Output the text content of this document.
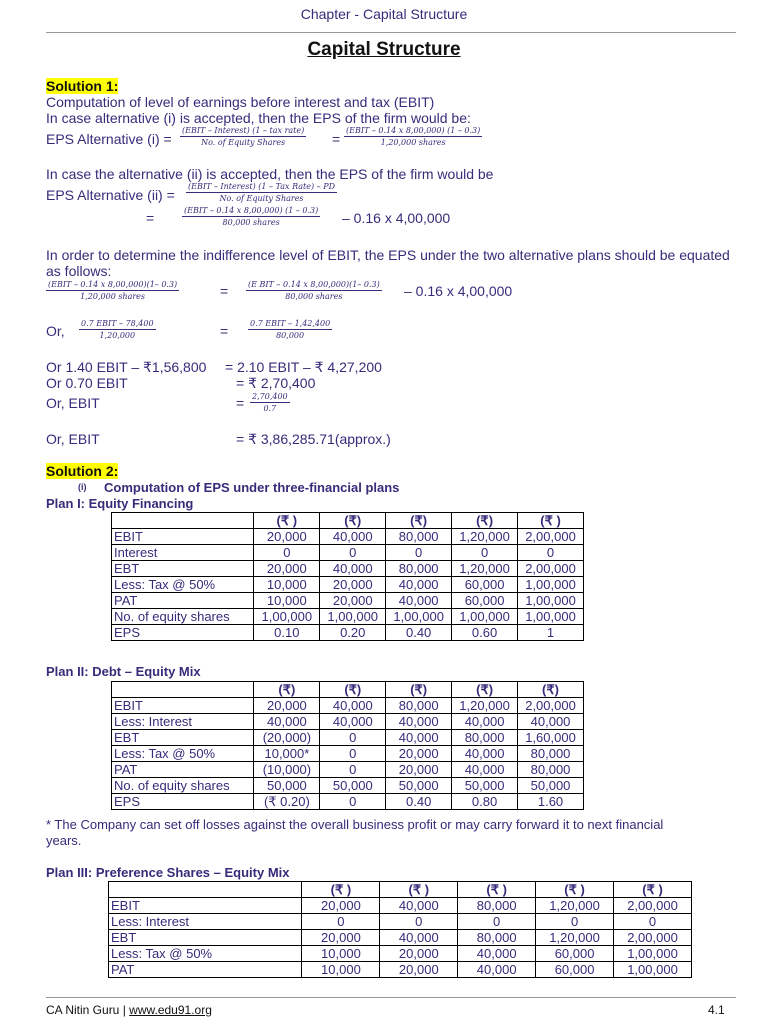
Chapter - Capital Structure
Capital Structure
Solution 1:
Computation of level of earnings before interest and tax (EBIT)
In case alternative (i) is accepted, then the EPS of the firm would be:
EPS Alternative (i) =
(EBIT – Interest) (1 – tax rate)
No. of Equity Shares	=
(EBIT – 0.14 x 8,00,000) (1 – 0.3)
1,20,000 shares
In case the alternative (ii) is accepted, then the EPS of the firm would be
EPS Alternative (ii) =
(EBIT – Interest) (1 – Tax Rate) – PD
No. of Equity Shares
=	(EBIT – 0.14 x 8,00,000) (1 – 0.3)
80,000 shares	– 0.16 x 4,00,000
In order to determine the indifference level of EBIT, the EPS under the two alternative plans should be equated
as follows:
(EBIT – 0.14 x 8,00,000)(1– 0.3)
1,20,000 shares	= (E BIT – 0.14 x 8,00,000)(1– 0.3)
80,000 shares	– 0.16 x 4,00,000
Or, 0.7 EBIT – 78,400
1,20,000	=	0.7 EBIT – 1,42,400
80,000
Or 1.40 EBIT – ₹1,56,800 = 2.10 EBIT – ₹ 4,27,200
Or 0.70 EBIT	= ₹ 2,70,400
Or, EBIT	= $\frac{2,70,400}{0.7}$
Or, EBIT	= ₹ 3,86,285.71(approx.)
Solution 2:
(i) Computation of EPS under three-financial plans
Plan I: Equity Financing
	(₹ )	(₹)	(₹)	(₹)	(₹ )
EBIT	20,000	40,000	80,000	1,20,000	2,00,000
Interest	0	0	0	0	0
EBT	20,000	40,000	80,000	1,20,000	2,00,000
Less: Tax @ 50%	10,000	20,000	40,000	60,000	1,00,000
PAT	10,000	20,000	40,000	60,000	1,00,000
No. of equity shares	1,00,000	1,00,000	1,00,000	1,00,000	1,00,000
EPS	0.10	0.20	0.40	0.60	1
Plan II: Debt – Equity Mix
	(₹)	(₹)	(₹)	(₹)	(₹)
EBIT	20,000	40,000	80,000	1,20,000	2,00,000
Less: Interest	40,000	40,000	40,000	40,000	40,000
EBT	(20,000)	0	40,000	80,000	1,60,000
Less: Tax @ 50%	10,000*	0	20,000	40,000	80,000
PAT	(10,000)	0	20,000	40,000	80,000
No. of equity shares	50,000	50,000	50,000	50,000	50,000
EPS	(₹ 0.20)	0	0.40	0.80	1.60
* The Company can set off losses against the overall business profit or may carry forward it to next financial
years.
Plan III: Preference Shares – Equity Mix
	(₹ )	(₹ )	(₹ )	(₹ )	(₹ )
EBIT	20,000	40,000	80,000	1,20,000	2,00,000
Less: Interest	0	0	0	0	0
EBT	20,000	40,000	80,000	1,20,000	2,00,000
Less: Tax @ 50%	10,000	20,000	40,000	60,000	1,00,000
PAT	10,000	20,000	40,000	60,000	1,00,000
CA Nitin Guru | www.edu91.org	4.1
